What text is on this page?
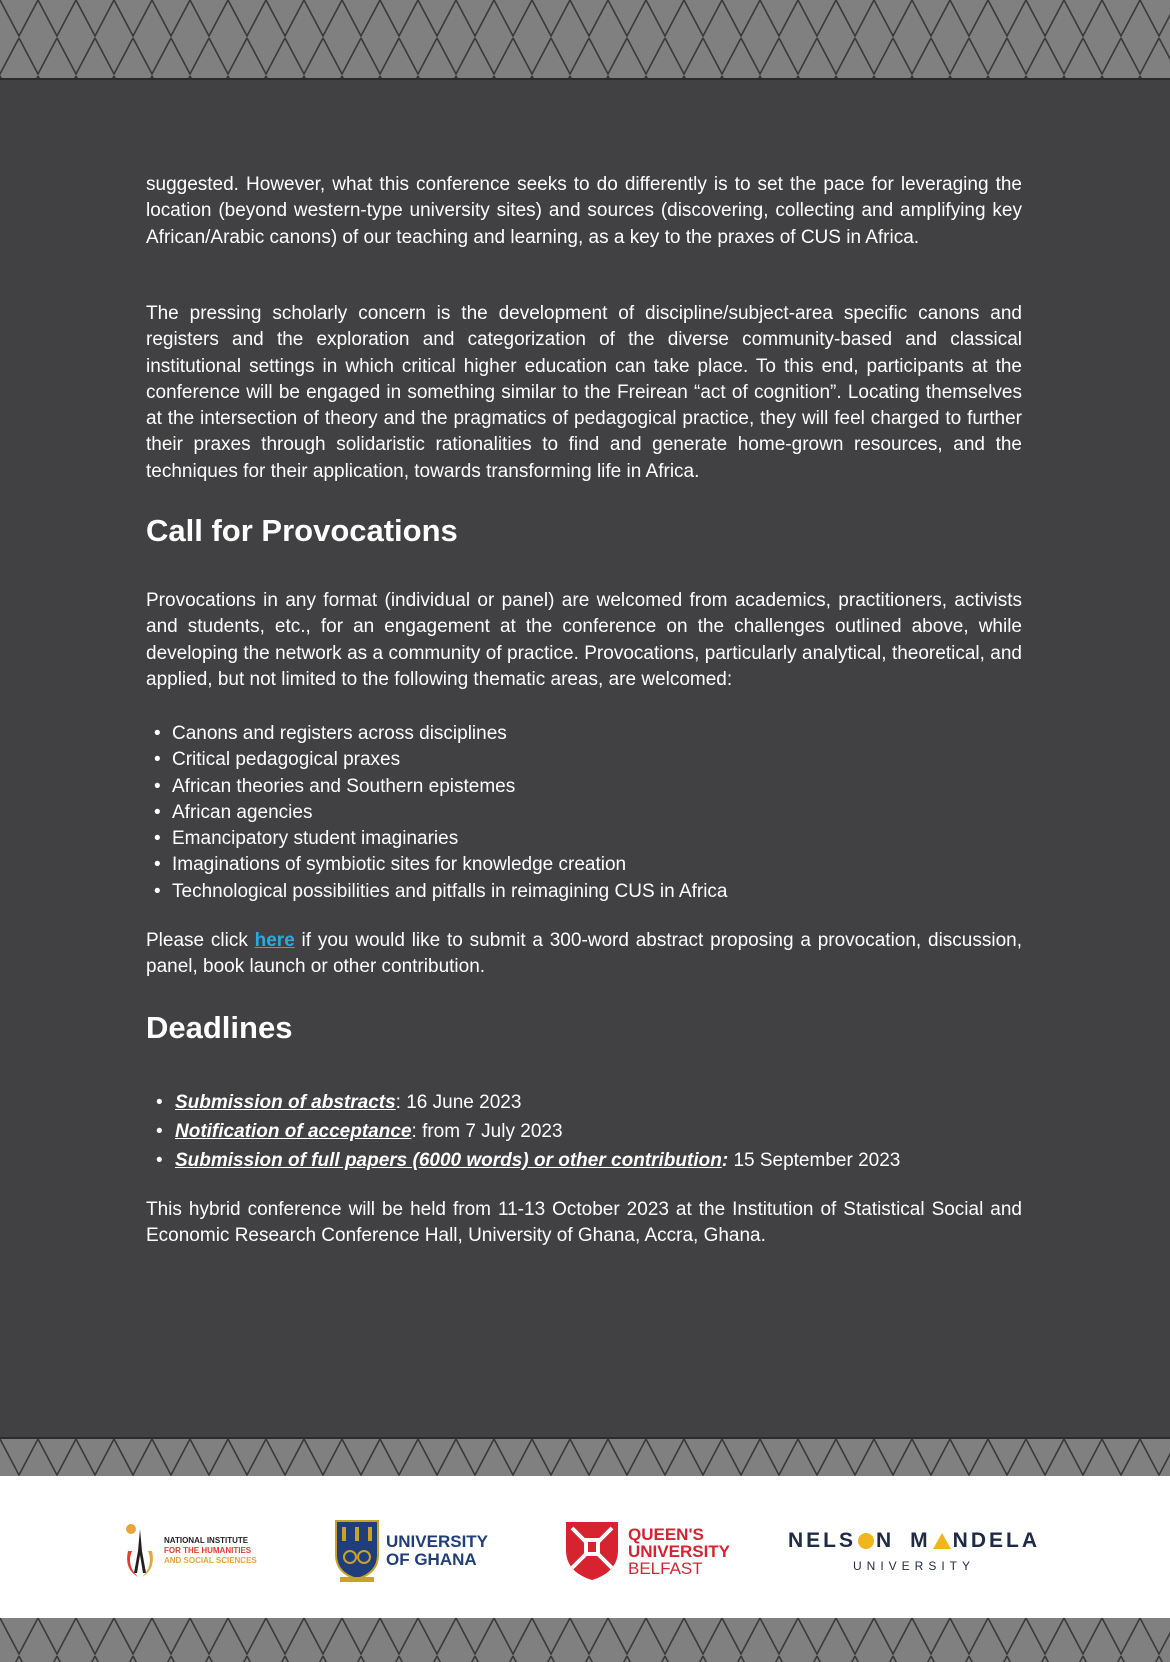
suggested. However, what this conference seeks to do differently is to set the pace for leveraging the location (beyond western-type university sites) and sources (discovering, collecting and amplifying key African/Arabic canons) of our teaching and learning, as a key to the praxes of CUS in Africa.

The pressing scholarly concern is the development of discipline/subject-area specific canons and registers and the exploration and categorization of the diverse community-based and classical institutional settings in which critical higher education can take place. To this end, participants at the conference will be engaged in something similar to the Freirean “act of cognition”. Locating themselves at the intersection of theory and the pragmatics of pedagogical practice, they will feel charged to further their praxes through solidaristic rationalities to find and generate home-grown resources, and the techniques for their application, towards transforming life in Africa.

Call for Provocations

Provocations in any format (individual or panel) are welcomed from academics, practitioners, activists and students, etc., for an engagement at the conference on the challenges outlined above, while developing the network as a community of practice. Provocations, particularly analytical, theoretical, and applied, but not limited to the following thematic areas, are welcomed:

• Canons and registers across disciplines
• Critical pedagogical praxes
• African theories and Southern epistemes
• African agencies
• Emancipatory student imaginaries
• Imaginations of symbiotic sites for knowledge creation
• Technological possibilities and pitfalls in reimagining CUS in Africa

Please click here if you would like to submit a 300-word abstract proposing a provocation, discussion, panel, book launch or other contribution.

Deadlines
• Submission of abstracts: 16 June 2023
• Notification of acceptance: from 7 July 2023
• Submission of full papers (6000 words) or other contribution: 15 September 2023

This hybrid conference will be held from 11-13 October 2023 at the Institution of Statistical Social and Economic Research Conference Hall, University of Ghana, Accra, Ghana.

NATIONAL INSTITUTE
FOR THE HUMANITIES
AND SOCIAL SCIENCES
UNIVERSITY
OF GHANA
QUEEN'S
UNIVERSITY
BELFAST
NELS N M NDELA
UNIVERSITY
